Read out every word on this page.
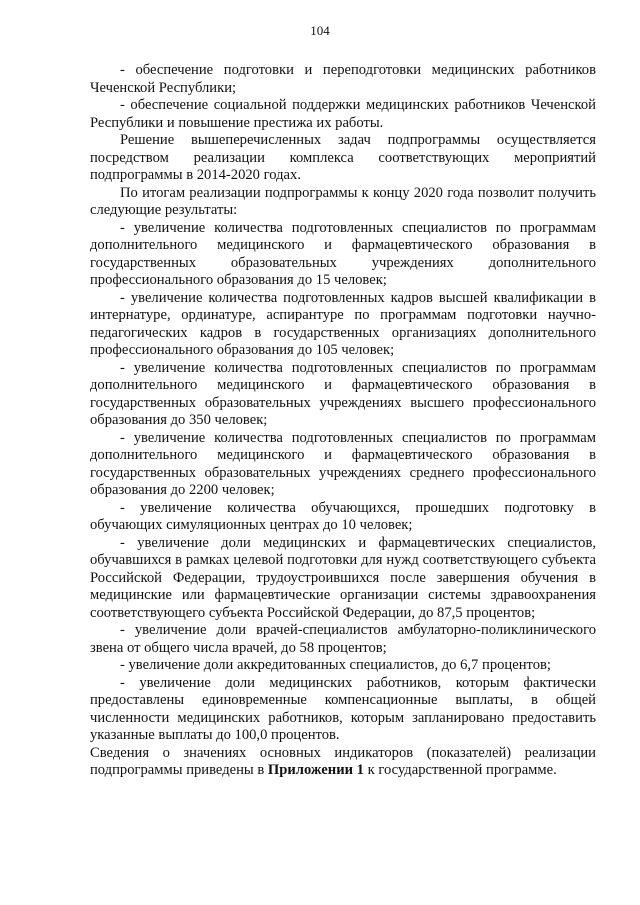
104

- обеспечение подготовки и переподготовки медицинских работников Чеченской Республики;

- обеспечение социальной поддержки медицинских работников Чеченской Республики и повышение престижа их работы.

Решение вышеперечисленных задач подпрограммы осуществляется посредством реализации комплекса соответствующих мероприятий подпрограммы в 2014-2020 годах.

По итогам реализации подпрограммы к концу 2020 года позволит получить следующие результаты:

- увеличение количества подготовленных специалистов по программам дополнительного медицинского и фармацевтического образования в государственных образовательных учреждениях дополнительного профессионального образования до 15 человек;

- увеличение количества подготовленных кадров высшей квалификации в интернатуре, ординатуре, аспирантуре по программам подготовки научно-педагогических кадров в государственных организациях дополнительного профессионального образования до 105 человек;

- увеличение количества подготовленных специалистов по программам дополнительного медицинского и фармацевтического образования в государственных образовательных учреждениях высшего профессионального образования до 350 человек;

- увеличение количества подготовленных специалистов по программам дополнительного медицинского и фармацевтического образования в государственных образовательных учреждениях среднего профессионального образования до 2200 человек;

- увеличение количества обучающихся, прошедших подготовку в обучающих симуляционных центрах до 10 человек;

- увеличение доли медицинских и фармацевтических специалистов, обучавшихся в рамках целевой подготовки для нужд соответствующего субъекта Российской Федерации, трудоустроившихся после завершения обучения в медицинские или фармацевтические организации системы здравоохранения соответствующего субъекта Российской Федерации, до 87,5 процентов;

- увеличение доли врачей-специалистов амбулаторно-поликлинического звена от общего числа врачей, до 58 процентов;

- увеличение доли аккредитованных специалистов, до 6,7 процентов;

- увеличение доли медицинских работников, которым фактически предоставлены единовременные компенсационные выплаты, в общей численности медицинских работников, которым запланировано предоставить указанные выплаты до 100,0 процентов.

Сведения о значениях основных индикаторов (показателей) реализации подпрограммы приведены в Приложении 1 к государственной программе.
